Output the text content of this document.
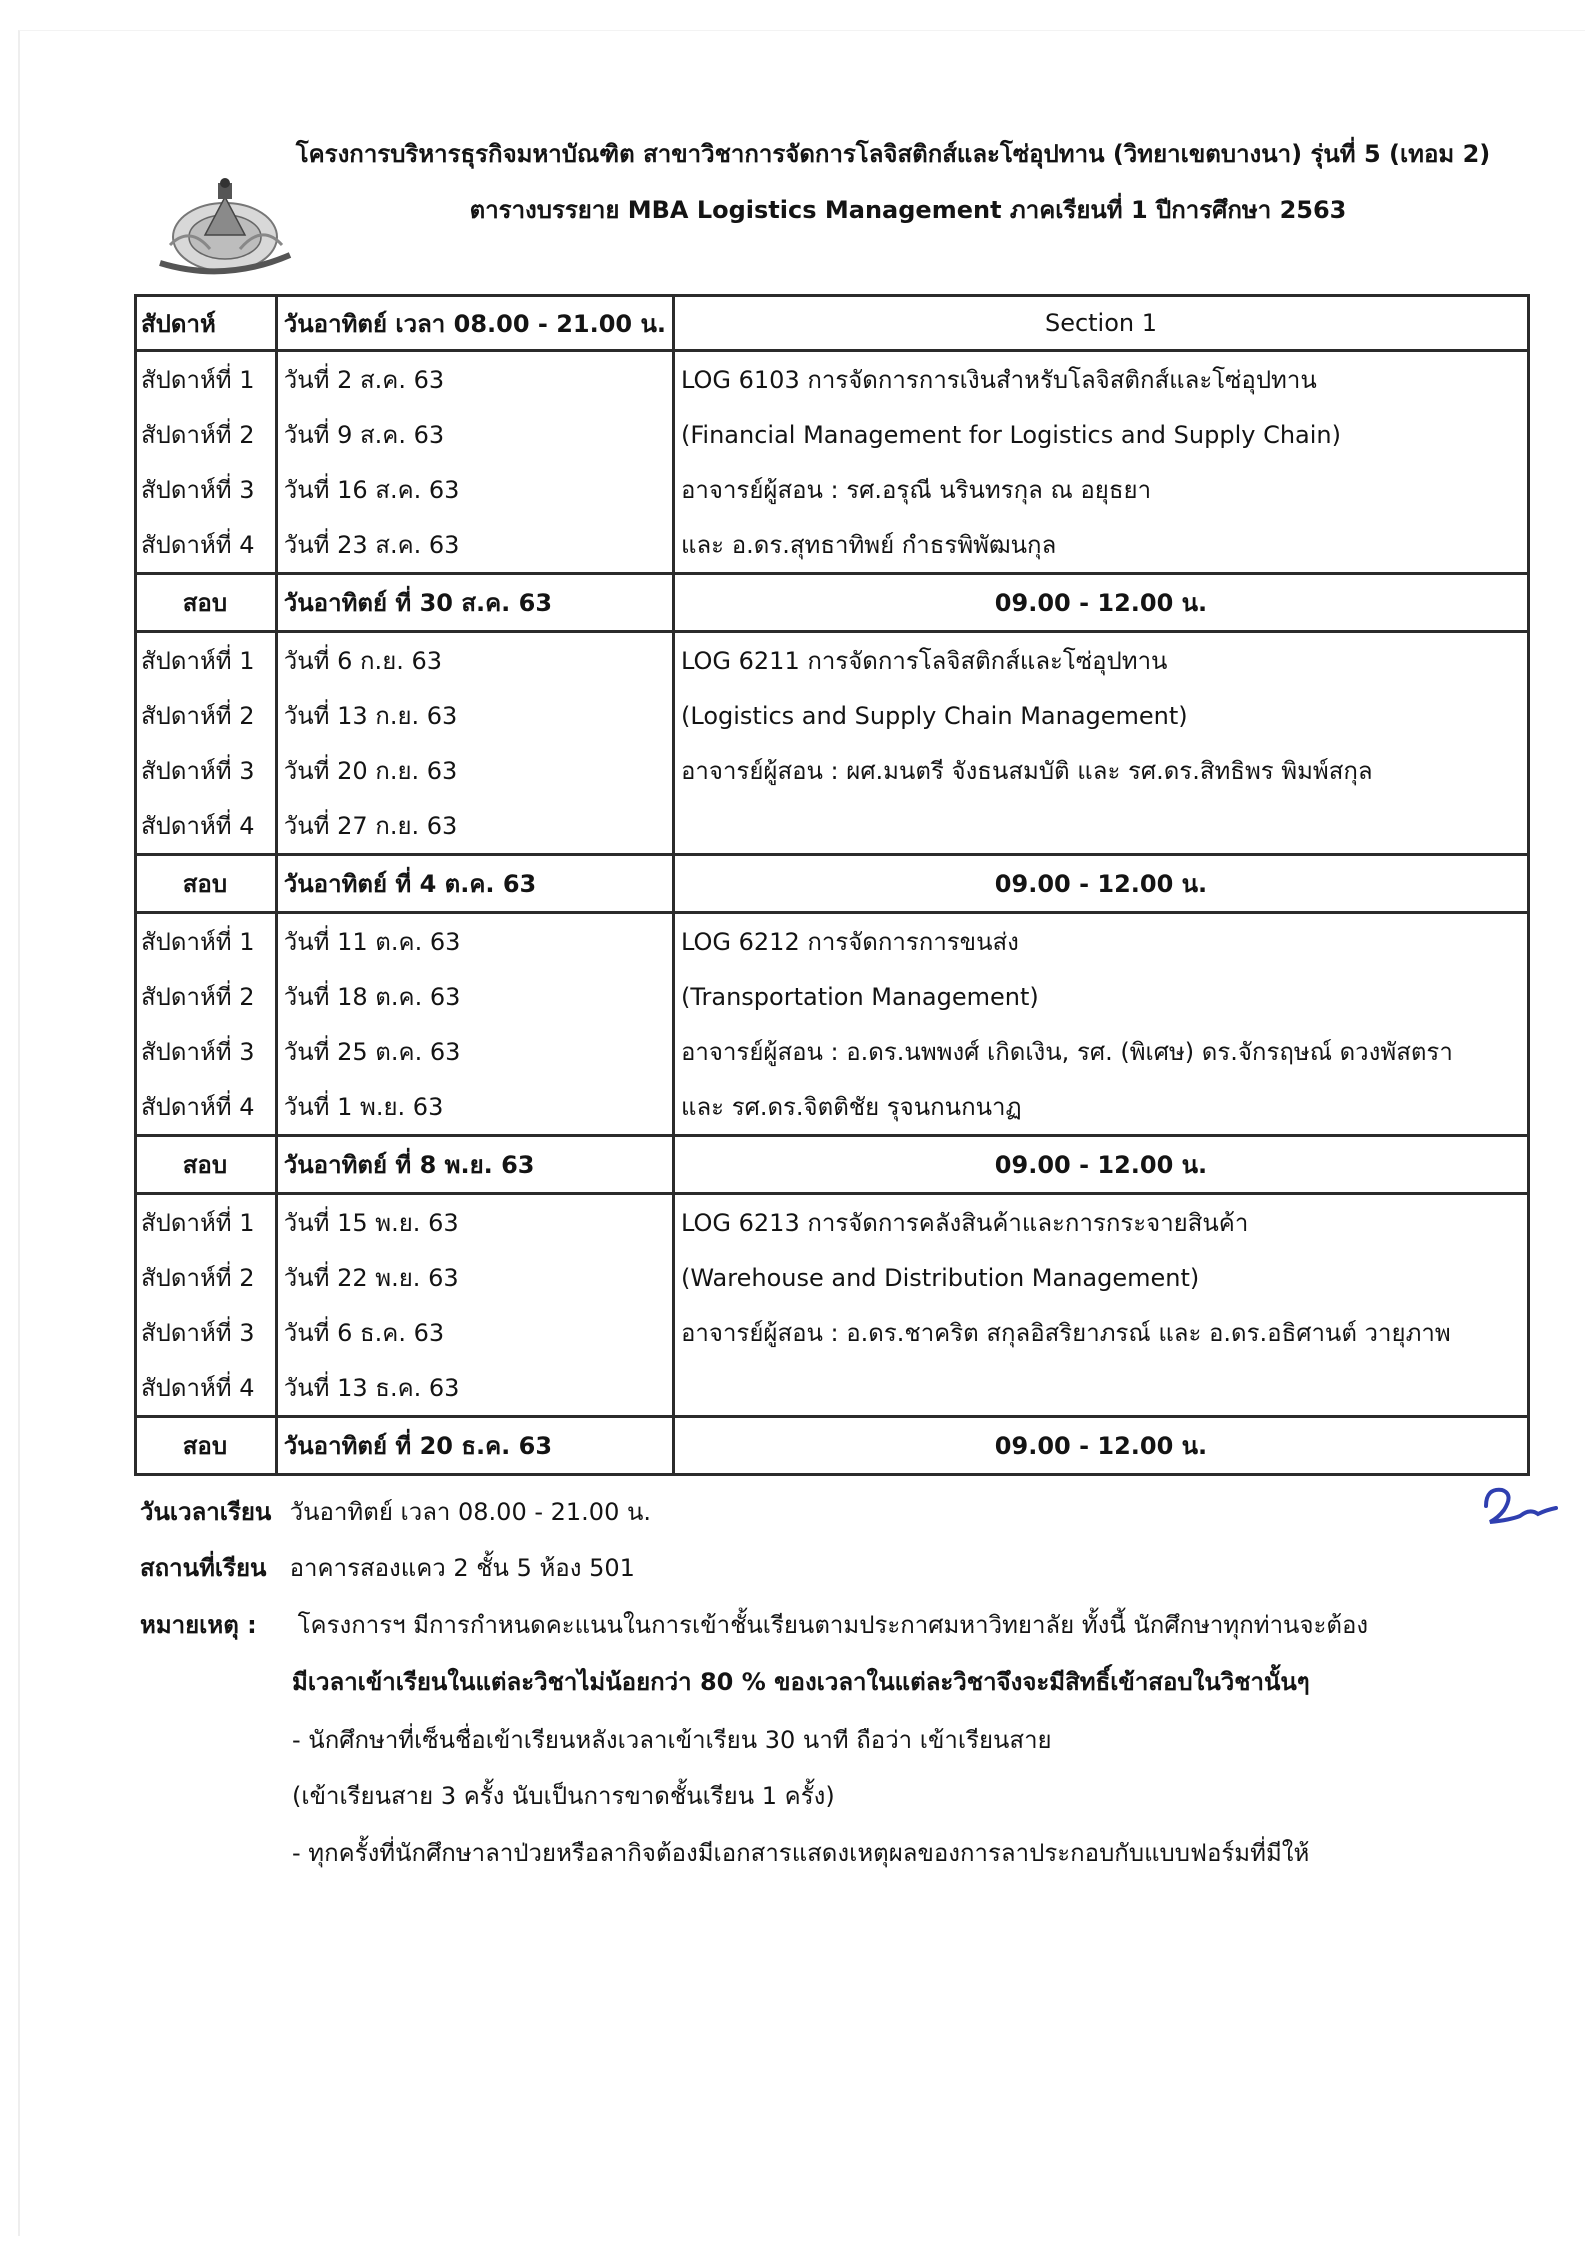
โครงการบริหารธุรกิจมหาบัณฑิต สาขาวิชาการจัดการโลจิสติกส์และโซ่อุปทาน (วิทยาเขตบางนา) รุ่นที่ 5 (เทอม 2)
ตารางบรรยาย MBA Logistics Management ภาคเรียนที่ 1 ปีการศึกษา 2563
สัปดาห์	วันอาทิตย์ เวลา 08.00 - 21.00 น.	Section 1
สัปดาห์ที่ 1	วันที่ 2 ส.ค. 63	LOG 6103 การจัดการการเงินสำหรับโลจิสติกส์และโซ่อุปทาน
สัปดาห์ที่ 2	วันที่ 9 ส.ค. 63	(Financial Management for Logistics and Supply Chain)
สัปดาห์ที่ 3	วันที่ 16 ส.ค. 63	อาจารย์ผู้สอน : รศ.อรุณี นรินทรกุล ณ อยุธยา
สัปดาห์ที่ 4	วันที่ 23 ส.ค. 63	และ อ.ดร.สุทธาทิพย์ กำธรพิพัฒนกุล
สอบ	วันอาทิตย์ ที่ 30 ส.ค. 63	09.00 - 12.00 น.
สัปดาห์ที่ 1	วันที่ 6 ก.ย. 63	LOG 6211 การจัดการโลจิสติกส์และโซ่อุปทาน
สัปดาห์ที่ 2	วันที่ 13 ก.ย. 63	(Logistics and Supply Chain Management)
สัปดาห์ที่ 3	วันที่ 20 ก.ย. 63	อาจารย์ผู้สอน : ผศ.มนตรี จังธนสมบัติ และ รศ.ดร.สิทธิพร พิมพ์สกุล
สัปดาห์ที่ 4	วันที่ 27 ก.ย. 63	
สอบ	วันอาทิตย์ ที่ 4 ต.ค. 63	09.00 - 12.00 น.
สัปดาห์ที่ 1	วันที่ 11 ต.ค. 63	LOG 6212 การจัดการการขนส่ง
สัปดาห์ที่ 2	วันที่ 18 ต.ค. 63	(Transportation Management)
สัปดาห์ที่ 3	วันที่ 25 ต.ค. 63	อาจารย์ผู้สอน : อ.ดร.นพพงศ์ เกิดเงิน, รศ. (พิเศษ) ดร.จักรฤษณ์ ดวงพัสตรา
สัปดาห์ที่ 4	วันที่ 1 พ.ย. 63	และ รศ.ดร.จิตติชัย รุจนกนกนาฏ
สอบ	วันอาทิตย์ ที่ 8 พ.ย. 63	09.00 - 12.00 น.
สัปดาห์ที่ 1	วันที่ 15 พ.ย. 63	LOG 6213 การจัดการคลังสินค้าและการกระจายสินค้า
สัปดาห์ที่ 2	วันที่ 22 พ.ย. 63	(Warehouse and Distribution Management)
สัปดาห์ที่ 3	วันที่ 6 ธ.ค. 63	อาจารย์ผู้สอน : อ.ดร.ชาคริต สกุลอิสริยาภรณ์ และ อ.ดร.อธิศานต์ วายุภาพ
สัปดาห์ที่ 4	วันที่ 13 ธ.ค. 63	
สอบ	วันอาทิตย์ ที่ 20 ธ.ค. 63	09.00 - 12.00 น.
วันเวลาเรียน วันอาทิตย์ เวลา 08.00 - 21.00 น.
สถานที่เรียน อาคารสองแคว 2 ชั้น 5 ห้อง 501
หมายเหตุ : โครงการฯ มีการกำหนดคะแนนในการเข้าชั้นเรียนตามประกาศมหาวิทยาลัย ทั้งนี้ นักศึกษาทุกท่านจะต้อง
มีเวลาเข้าเรียนในแต่ละวิชาไม่น้อยกว่า 80 % ของเวลาในแต่ละวิชาจึงจะมีสิทธิ์เข้าสอบในวิชานั้นๆ
- นักศึกษาที่เซ็นชื่อเข้าเรียนหลังเวลาเข้าเรียน 30 นาที ถือว่า เข้าเรียนสาย
(เข้าเรียนสาย 3 ครั้ง นับเป็นการขาดชั้นเรียน 1 ครั้ง)
- ทุกครั้งที่นักศึกษาลาป่วยหรือลากิจต้องมีเอกสารแสดงเหตุผลของการลาประกอบกับแบบฟอร์มที่มีให้
